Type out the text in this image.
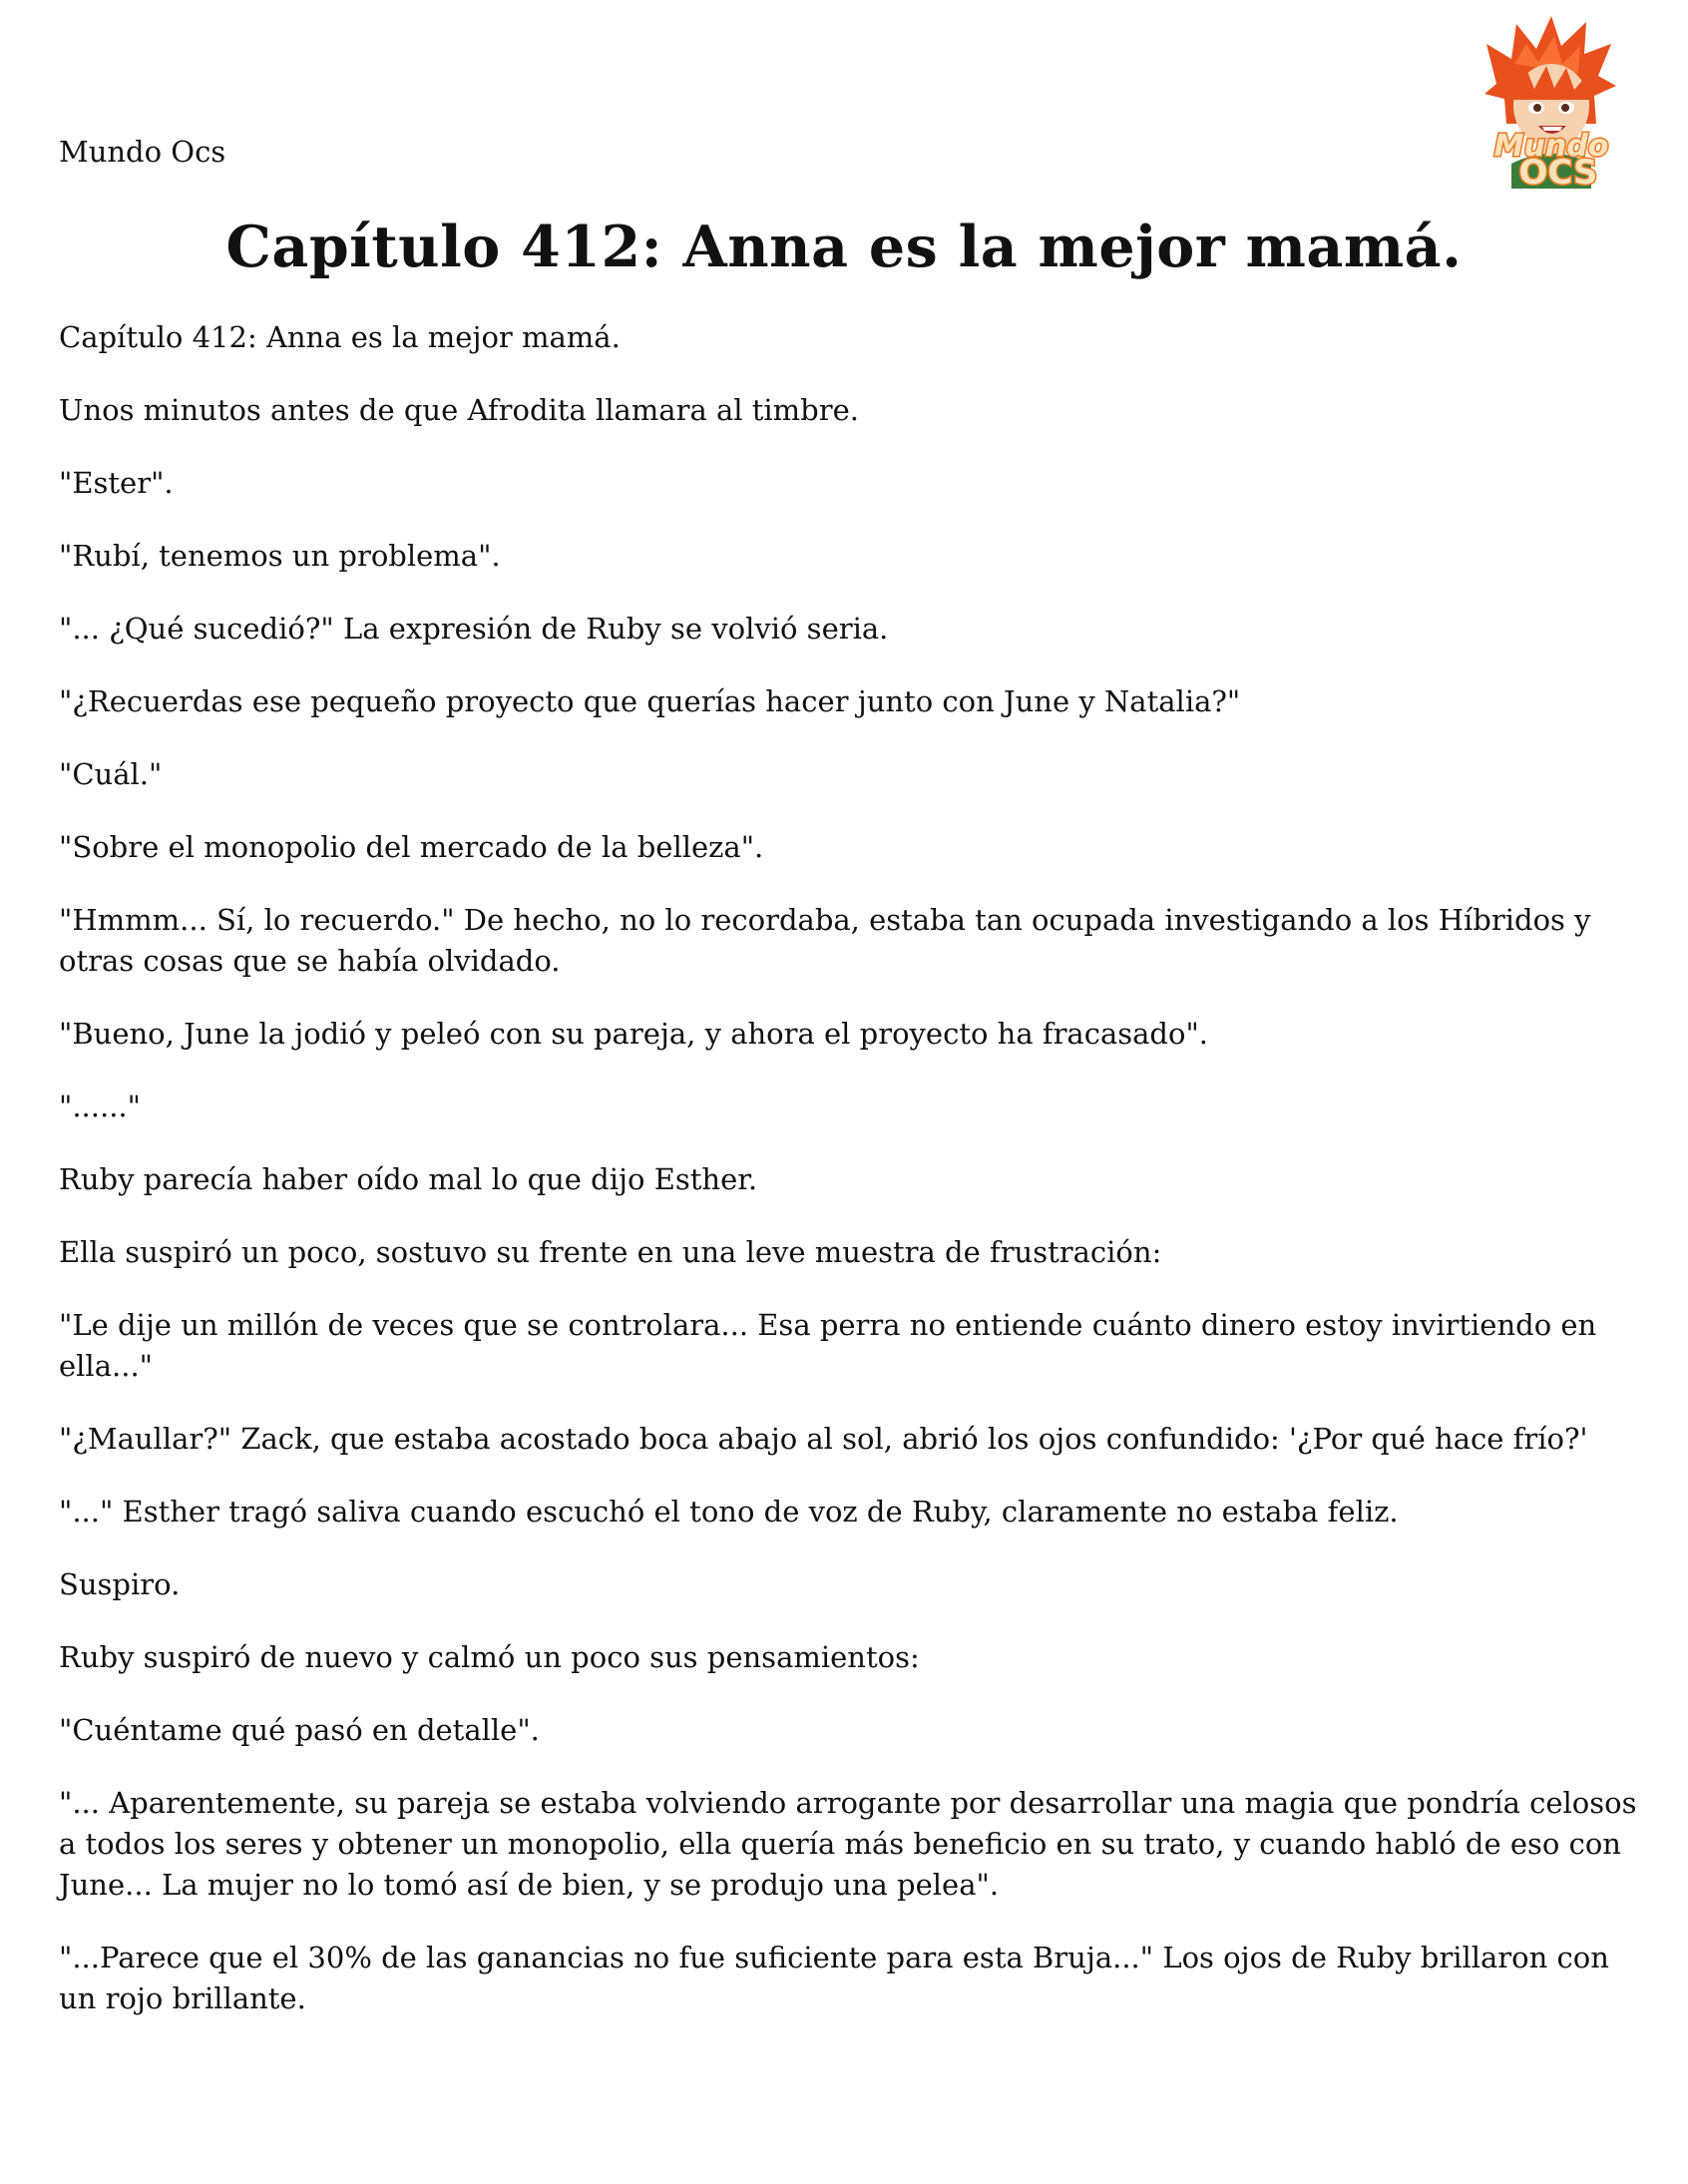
Mundo Ocs	Mundo
OCS
Capítulo 412: Anna es la mejor mamá.

Capítulo 412: Anna es la mejor mamá.

Unos minutos antes de que Afrodita llamara al timbre.

"Ester".

"Rubí, tenemos un problema".

"... ¿Qué sucedió?" La expresión de Ruby se volvió seria.

"¿Recuerdas ese pequeño proyecto que querías hacer junto con June y Natalia?"

"Cuál."

"Sobre el monopolio del mercado de la belleza".

"Hmmm... Sí, lo recuerdo." De hecho, no lo recordaba, estaba tan ocupada investigando a los Híbridos y otras cosas que se había olvidado.

"Bueno, June la jodió y peleó con su pareja, y ahora el proyecto ha fracasado".

"......"

Ruby parecía haber oído mal lo que dijo Esther.

Ella suspiró un poco, sostuvo su frente en una leve muestra de frustración:

"Le dije un millón de veces que se controlara... Esa perra no entiende cuánto dinero estoy invirtiendo en ella..."

"¿Maullar?" Zack, que estaba acostado boca abajo al sol, abrió los ojos confundido: '¿Por qué hace frío?'

"..." Esther tragó saliva cuando escuchó el tono de voz de Ruby, claramente no estaba feliz.

Suspiro.

Ruby suspiró de nuevo y calmó un poco sus pensamientos:

"Cuéntame qué pasó en detalle".

"... Aparentemente, su pareja se estaba volviendo arrogante por desarrollar una magia que pondría celosos a todos los seres y obtener un monopolio, ella quería más beneficio en su trato, y cuando habló de eso con June... La mujer no lo tomó así de bien, y se produjo una pelea".

"...Parece que el 30% de las ganancias no fue suficiente para esta Bruja..." Los ojos de Ruby brillaron con un rojo brillante.
